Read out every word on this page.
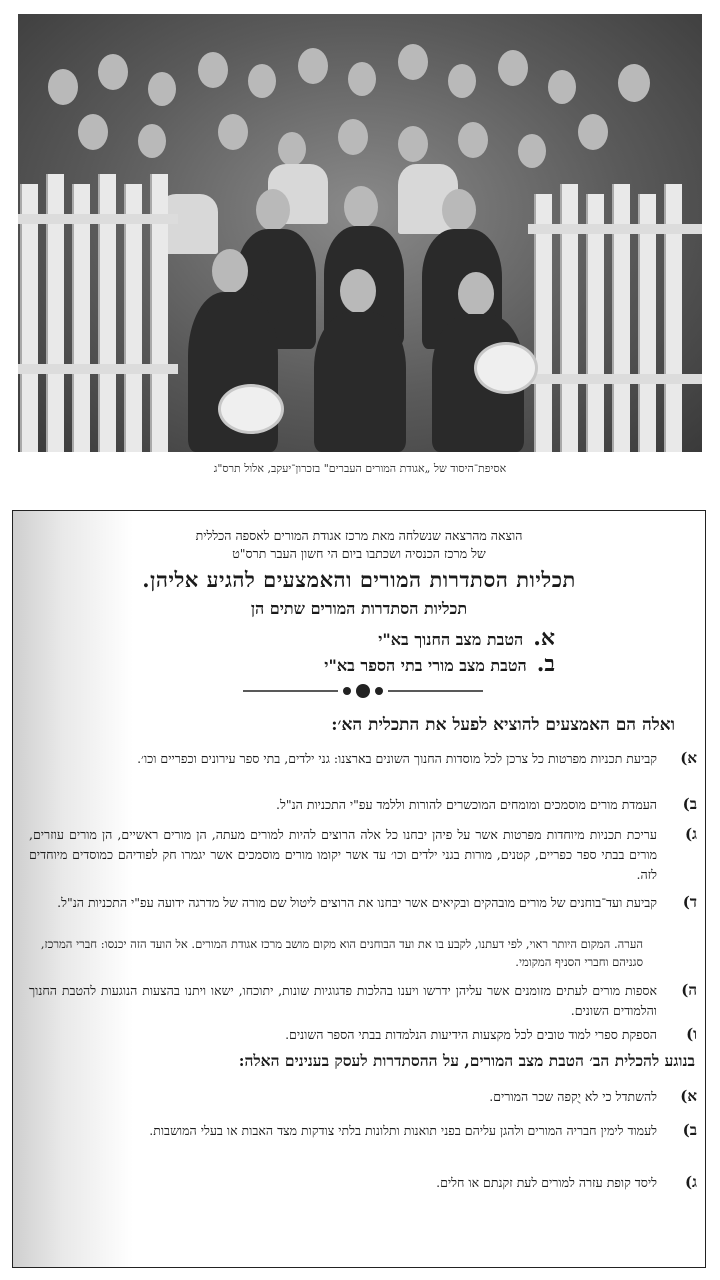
אסיפת־היסוד של „אגודת המורים העברים" בזכרון־יעקב, אלול תרס"ג
הוצאה מהרצאה שנשלחה מאת מרכז אגודת המורים לאספה הכללית
של מרכז הכנסיה ושכתבו ביום הי חשון העבר תרס"ט
תכליות הסתדרות המורים והאמצעים להגיע אליהן.
תכליות הסתדרות המורים שתים הן
א.הטבת מצב החנוך בא"י
ב.הטבת מצב מורי בתי הספר בא"י
ואלה הם האמצעים להוציא לפעל את התכלית הא׳:
א)
קביעת תכניות מפרטות כל צרכן לכל מוסדות החנוך השונים בארצנו: גני ילדים, בתי ספר עירונים וכפריים וכו׳.
ב)
העמדת מורים מוסמכים ומומחים המוכשרים להורות וללמד עפ"י התכניות הנ"ל.
ג)
עריכת תכניות מיוחדות מפרטות אשר על פיהן יבחנו כל אלה הרוצים להיות למורים מעתה, הן מורים ראשיים, הן מורים עוזרים, מורים בבתי ספר כפריים, קטנים, מורות בגני ילדים וכו׳ עד אשר יקומו מורים מוסמכים אשר יגמרו חק לפודיהם כמוסדים מיוחדים לזה.
ד)
קביעת ועד־בוחנים של מורים מובהקים ובקיאים אשר יבחנו את הרוצים ליטול שם מורה של מדרגה ידועה עפ"י התכניות הנ"ל.
הערה. המקום היותר ראוי, לפי דעתנו, לקבע בו את ועד הבוחנים הוא מקום מושב מרכז אגודת המורים. אל הועד הזה יכנסו: חברי המרכז, סגניהם וחברי הסניף המקומי.
ה)
אספות מורים לעתים מזומנים אשר עליהן ידרשו ויענו בהלכות פדגוגיות שונות, יתוכחו, ישאו ויתנו בהצעות הנוגעות להטבת החנוך והלמודים השונים.
ו)
הספקת ספרי למוד טובים לכל מקצעות הידיעות הנלמדות בבתי הספר השונים.
בנוגע להכלית הב׳ הטבת מצב המורים, על ההסתדרות לעסק בענינים האלה:
א)
להשתדל כי לא יֻקפה שכר המורים.
ב)
לעמוד לימין חבריה המורים ולהגן עליהם בפני תואנות ותלונות בלתי צודקות מצד האבות או בעלי המושבות.
ג)
ליסד קופת עזרה למורים לעת זקנתם או חלים.
